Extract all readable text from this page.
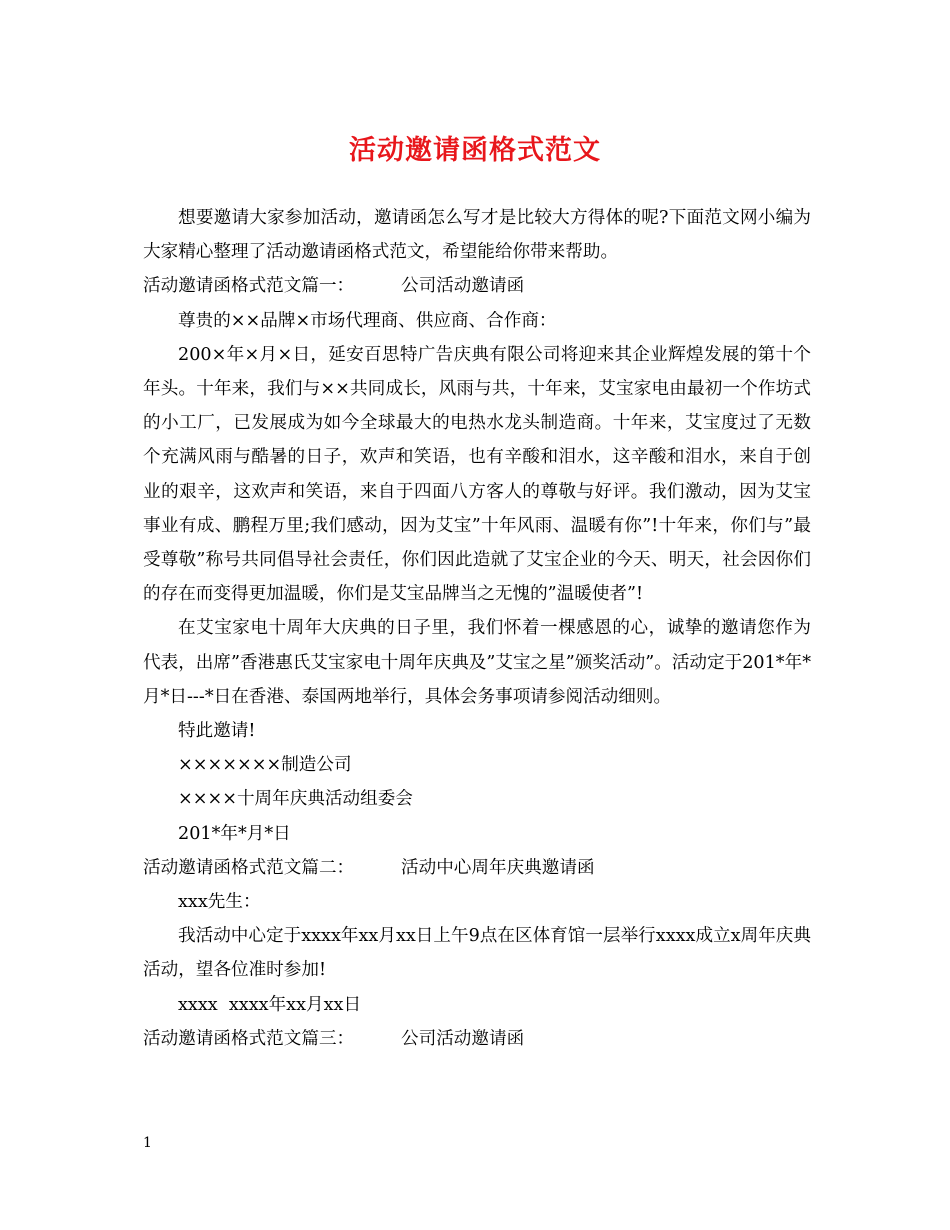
活动邀请函格式范文

想要邀请大家参加活动，邀请函怎么写才是比较大方得体的呢?下面范文网小编为大家精心整理了活动邀请函格式范文，希望能给你带来帮助。

活动邀请函格式范文篇一：	公司活动邀请函

尊贵的××品牌×市场代理商、供应商、合作商：

200×年×月×日，延安百思特广告庆典有限公司将迎来其企业辉煌发展的第十个年头。十年来，我们与××共同成长，风雨与共，十年来，艾宝家电由最初一个作坊式的小工厂，已发展成为如今全球最大的电热水龙头制造商。十年来，艾宝度过了无数个充满风雨与酷暑的日子，欢声和笑语，也有辛酸和泪水，这辛酸和泪水，来自于创业的艰辛，这欢声和笑语，来自于四面八方客人的尊敬与好评。我们激动，因为艾宝事业有成、鹏程万里;我们感动，因为艾宝”十年风雨、温暖有你”!十年来，你们与”最受尊敬”称号共同倡导社会责任，你们因此造就了艾宝企业的今天、明天，社会因你们的存在而变得更加温暖，你们是艾宝品牌当之无愧的”温暖使者”!

在艾宝家电十周年大庆典的日子里，我们怀着一棵感恩的心，诚挚的邀请您作为代表，出席”香港惠氏艾宝家电十周年庆典及”艾宝之星”颁奖活动”。活动定于201*年*月*日---*日在香港、泰国两地举行，具体会务事项请参阅活动细则。

特此邀请!

×××××××制造公司

××××十周年庆典活动组委会

201*年*月*日

活动邀请函格式范文篇二：	活动中心周年庆典邀请函

xxx先生：

我活动中心定于xxxx年xx月xx日上午9点在区体育馆一层举行xxxx成立x周年庆典活动，望各位准时参加!

xxxx  xxxx年xx月xx日

活动邀请函格式范文篇三：	公司活动邀请函

1
